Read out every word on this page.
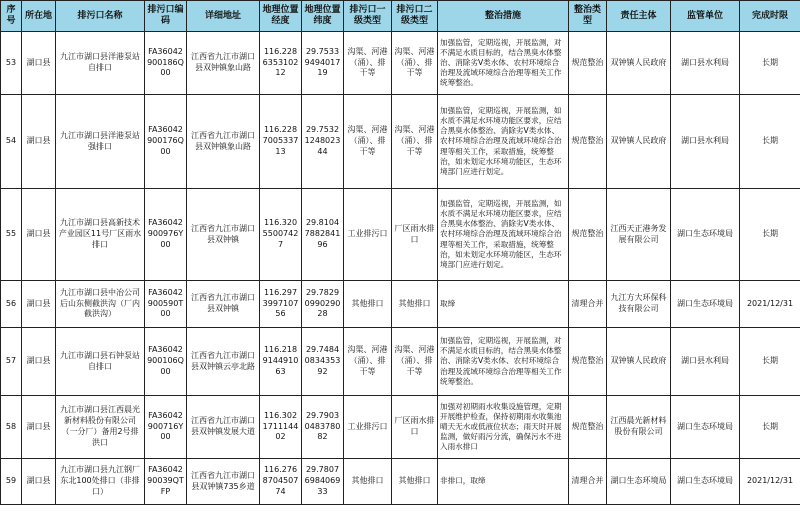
序号	所在地	排污口名称	排污口编码	详细地址	地理位置经度	地理位置纬度	排污口一级类型	排污口二级类型	整治措施	整治类型	责任主体	监管单位	完成时限
53	湖口县	九江市湖口县洋港泵站自排口	FA36042900186Q00	江西省九江市湖口县双钟镇象山路	116.228635310212	29.7533949401719	沟渠、河港（涌）、排干等	沟渠、河港（涌）、排干等	加强监管，定期巡视，开展监测，对不满足水质目标的，结合黑臭水体整治、消除劣Ⅴ类水体、农村环境综合治理及流域环境综合治理等相关工作统筹整治。	规范整治	双钟镇人民政府	湖口县水利局	长期
54	湖口县	九江市湖口县洋港泵站强排口	FA36042900176Q00	江西省九江市湖口县双钟镇象山路	116.228700533713	29.7532124802344	沟渠、河港（涌）、排干等	沟渠、河港（涌）、排干等	加强监管，定期巡视，开展监测，如水质不满足水环境功能区要求，应结合黑臭水体整治、消除劣Ⅴ类水体、农村环境综合治理及流域环境综合治理等相关工作，采取措施，统筹整治，如未划定水环境功能区，生态环境部门应进行划定。	规范整治	双钟镇人民政府	湖口县水利局	长期
55	湖口县	九江市湖口县高新技术产业园区11号厂区雨水排口	FA36042900976Y00	江西省九江市湖口县双钟镇	116.32055007427	29.8104788284196	工业排污口	厂区雨水排口	加强监管，定期巡视，开展监测，如水质不满足水环境功能区要求，应结合黑臭水体整治、消除劣Ⅴ类水体、农村环境综合治理及流域环境综合治理等相关工作，采取措施，统筹整治，如未划定水环境功能区，生态环境部门应进行划定。	规范整治	江西天正港务发展有限公司	湖口生态环境局	长期
56	湖口县	九江市湖口县中冶公司后山东侧截洪沟（厂内截洪沟）	FA36042900590T00	江西省九江市湖口县双钟镇	116.297399710756	29.7829099029028	其他排口	其他排口	取缔	清理合并	九江方大环保科技有限公司	湖口生态环境局	2021/12/31
57	湖口县	九江市湖口县石钟泵站自排口	FA36042900106Q00	江西省九江市湖口县双钟镇云亭北路	116.218914491063	29.7484083435392	沟渠、河港（涌）、排干等	沟渠、河港（涌）、排干等	加强监管，定期巡视，开展监测，对不满足水质目标的，结合黑臭水体整治、消除劣Ⅴ类水体、农村环境综合治理及流域环境综合治理等相关工作统筹整治。	规范整治	双钟镇人民政府	湖口县水利局	长期
58	湖口县	九江市湖口县江西晨光新材料股份有限公司（一分厂）备用2号排洪口	FA36042900716Y00	江西省九江市湖口县双钟镇发展大道	116.302171114402	29.7903048378082	工业排污口	厂区雨水排口	加强对初期雨水收集设施管理，定期开展维护检查，保持初期雨水收集池晴天无水或低液位状态；雨天时开展监测，做好雨污分流，确保污水不进入雨水排口	规范整治	江西晨光新材料股份有限公司	湖口生态环境局	长期
59	湖口县	九江市湖口县九江钢厂东北100处排口（非排口）	FA3604290039QTFP	江西省九江市湖口县双钟镇735乡道	116.276870450774	29.7807698406933	其他排口	其他排口	非排口，取缔	清理合并	湖口生态环境局	湖口生态环境局	2021/12/31
